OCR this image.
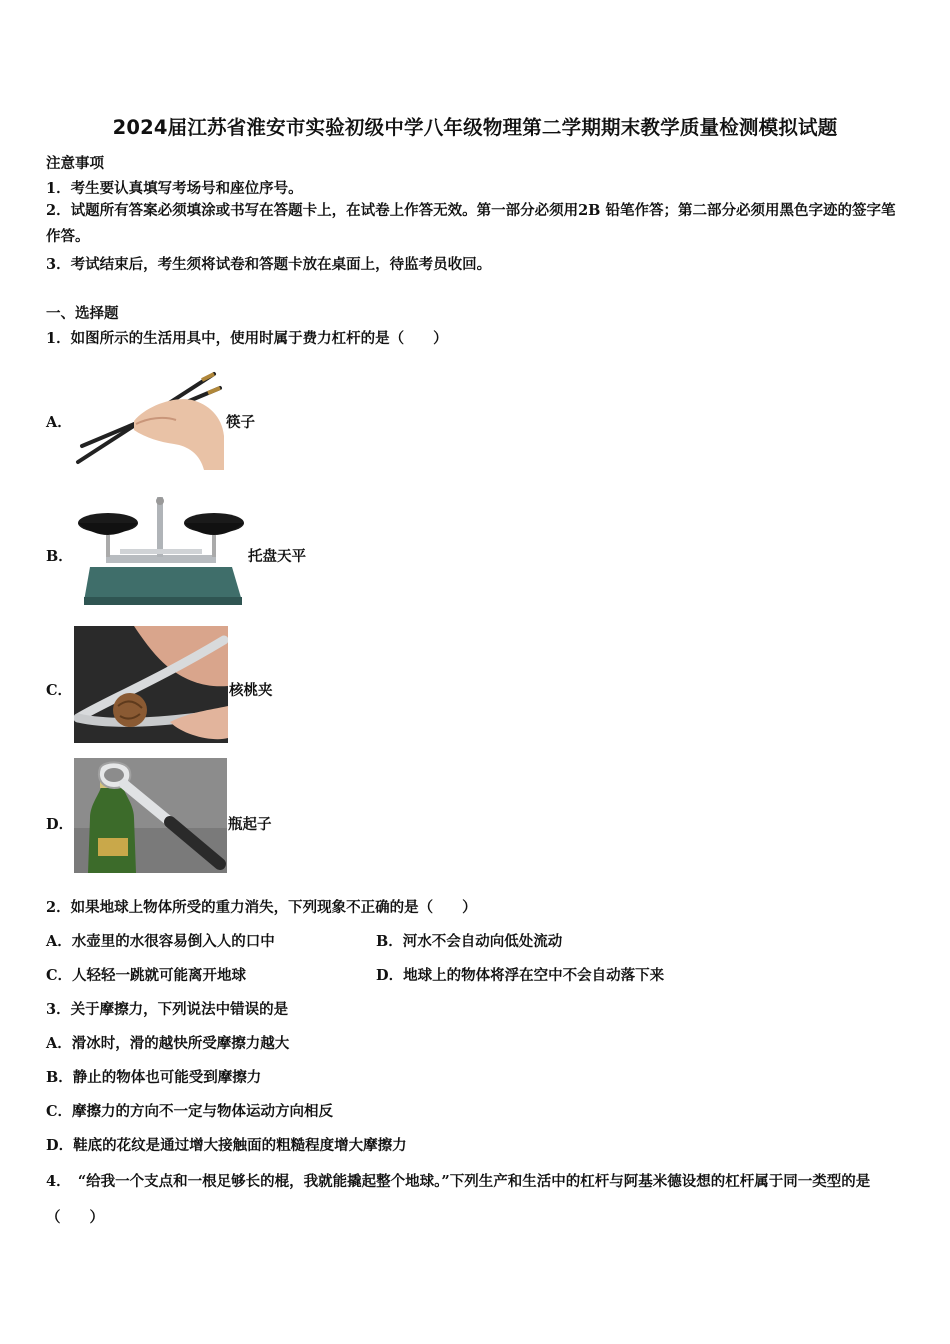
2024届江苏省淮安市实验初级中学八年级物理第二学期期末教学质量检测模拟试题
注意事项
1．考生要认真填写考场号和座位序号。
2．试题所有答案必须填涂或书写在答题卡上，在试卷上作答无效。第一部分必须用2B 铅笔作答；第二部分必须用黑色字迹的签字笔作答。
3．考试结束后，考生须将试卷和答题卡放在桌面上，待监考员收回。
一、选择题
1．如图所示的生活用具中，使用时属于费力杠杆的是（　　）
A．	筷子
B．	托盘天平
C．	核桃夹
D．	瓶起子
2．如果地球上物体所受的重力消失，下列现象不正确的是（　　）
A．水壶里的水很容易倒入人的口中	B．河水不会自动向低处流动
C．人轻轻一跳就可能离开地球	D．地球上的物体将浮在空中不会自动落下来
3．关于摩擦力，下列说法中错误的是
A．滑冰时，滑的越快所受摩擦力越大
B．静止的物体也可能受到摩擦力
C．摩擦力的方向不一定与物体运动方向相反
D．鞋底的花纹是通过增大接触面的粗糙程度增大摩擦力
4．　“给我一个支点和一根足够长的棍，我就能撬起整个地球。”下列生产和生活中的杠杆与阿基米德设想的杠杆属于同一类型的是（　　）
